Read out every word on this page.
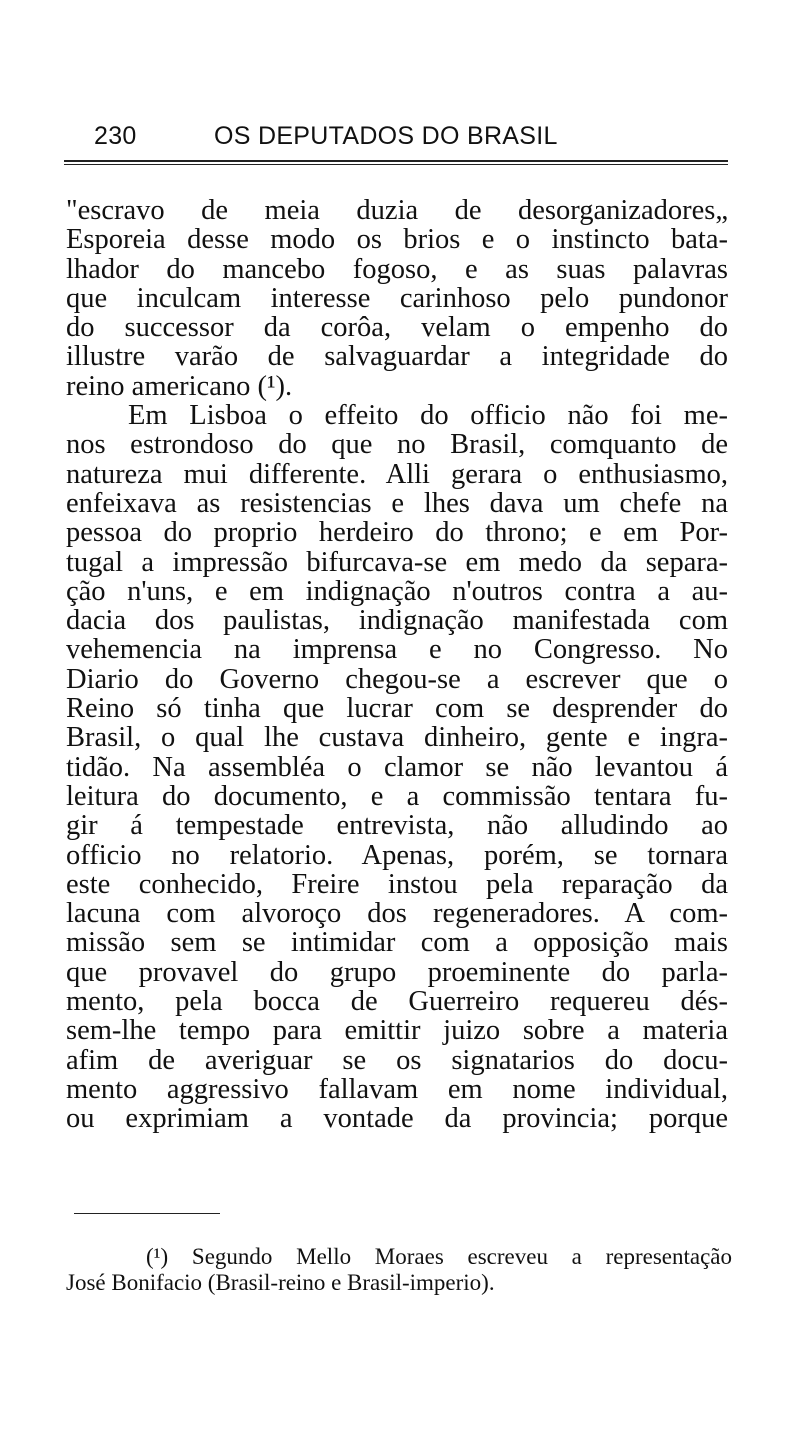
230	OS DEPUTADOS DO BRASIL
"escravo de meia duzia de desorganizadores„
Esporeia desse modo os brios e o instincto bata-
lhador do mancebo fogoso, e as suas palavras
que inculcam interesse carinhoso pelo pundonor
do successor da corôa, velam o empenho do
illustre varão de salvaguardar a integridade do
reino americano (¹).
Em Lisboa o effeito do officio não foi me-
nos estrondoso do que no Brasil, comquanto de
natureza mui differente. Alli gerara o enthusiasmo,
enfeixava as resistencias e lhes dava um chefe na
pessoa do proprio herdeiro do throno; e em Por-
tugal a impressão bifurcava-se em medo da separa-
ção n'uns, e em indignação n'outros contra a au-
dacia dos paulistas, indignação manifestada com
vehemencia na imprensa e no Congresso. No
Diario do Governo chegou-se a escrever que o
Reino só tinha que lucrar com se desprender do
Brasil, o qual lhe custava dinheiro, gente e ingra-
tidão. Na assembléa o clamor se não levantou á
leitura do documento, e a commissão tentara fu-
gir á tempestade entrevista, não alludindo ao
officio no relatorio. Apenas, porém, se tornara
este conhecido, Freire instou pela reparação da
lacuna com alvoroço dos regeneradores. A com-
missão sem se intimidar com a opposição mais
que provavel do grupo proeminente do parla-
mento, pela bocca de Guerreiro requereu dés-
sem-lhe tempo para emittir juizo sobre a materia
afim de averiguar se os signatarios do docu-
mento aggressivo fallavam em nome individual,
ou exprimiam a vontade da provincia; porque
(¹) Segundo Mello Moraes escreveu a representação
José Bonifacio (Brasil-reino e Brasil-imperio).
